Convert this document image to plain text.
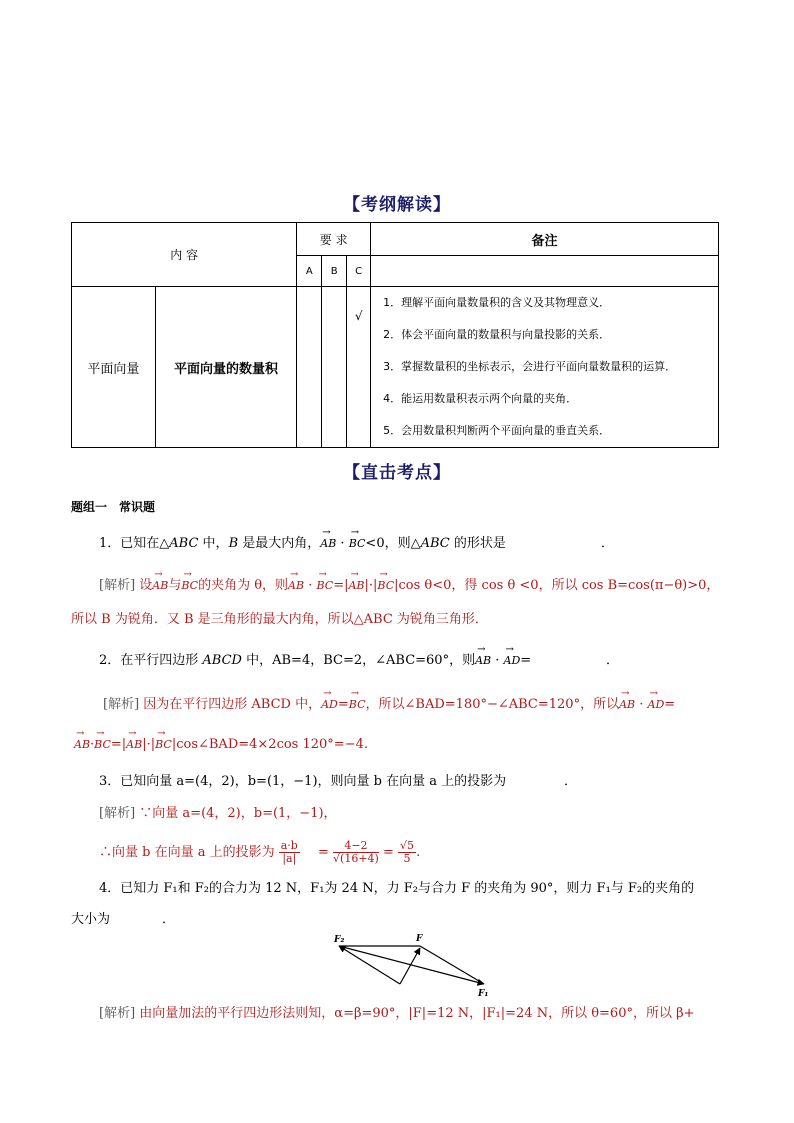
【考纲解读】
内 容		要 求			备注
		A	B	C	
平面向量	平面向量的数量积			√	1．理解平面向量数量积的含义及其物理意义．
2．体会平面向量的数量积与向量投影的关系．
3．掌握数量积的坐标表示，会进行平面向量数量积的运算．
4．能运用数量积表示两个向量的夹角．
5．会用数量积判断两个平面向量的垂直关系．
【直击考点】
题组一　常识题
1．已知在△ABC 中，B 是最大内角，→ AB · → BC<0，则△ABC 的形状是	．
[解析] 设→ AB与→ BC的夹角为 θ，则→ AB · → BC=|→ AB|·|→ BC|cos θ<0，得 cos θ <0，所以 cos B=cos(π−θ)>0，
所以 B 为锐角．又 B 是三角形的最大内角，所以△ABC 为锐角三角形．
2．在平行四边形 ABCD 中，AB=4，BC=2，∠ABC=60°，则→ AB · → AD=	．
[解析] 因为在平行四边形 ABCD 中，→ AD=→ BC，所以∠BAD=180°−∠ABC=120°，所以→ AB · → AD=
→ AB·→ BC=|→ AB|·|→ BC|cos∠BAD=4×2cos 120°=−4.
3．已知向量 a=(4，2)，b=(1，−1)，则向量 b 在向量 a 上的投影为	．
[解析] ∵向量 a=(4，2)，b=(1，−1)，
∴向量 b 在向量 a 上的投影为 $\frac{a\cdot b}{|a|} = \frac{4-2}{√(16+4)} = \frac{√5}{5}$ .
4．已知力 F₁和 F₂的合力为 12 N，F₁为 24 N，力 F₂与合力 F 的夹角为 90°，则力 F₁与 F₂的夹角的
大小为	．
F₂	F
F₁
[解析] 由向量加法的平行四边形法则知，α=β=90°，|F|=12 N，|F₁|=24 N，所以 θ=60°，所以 β+
